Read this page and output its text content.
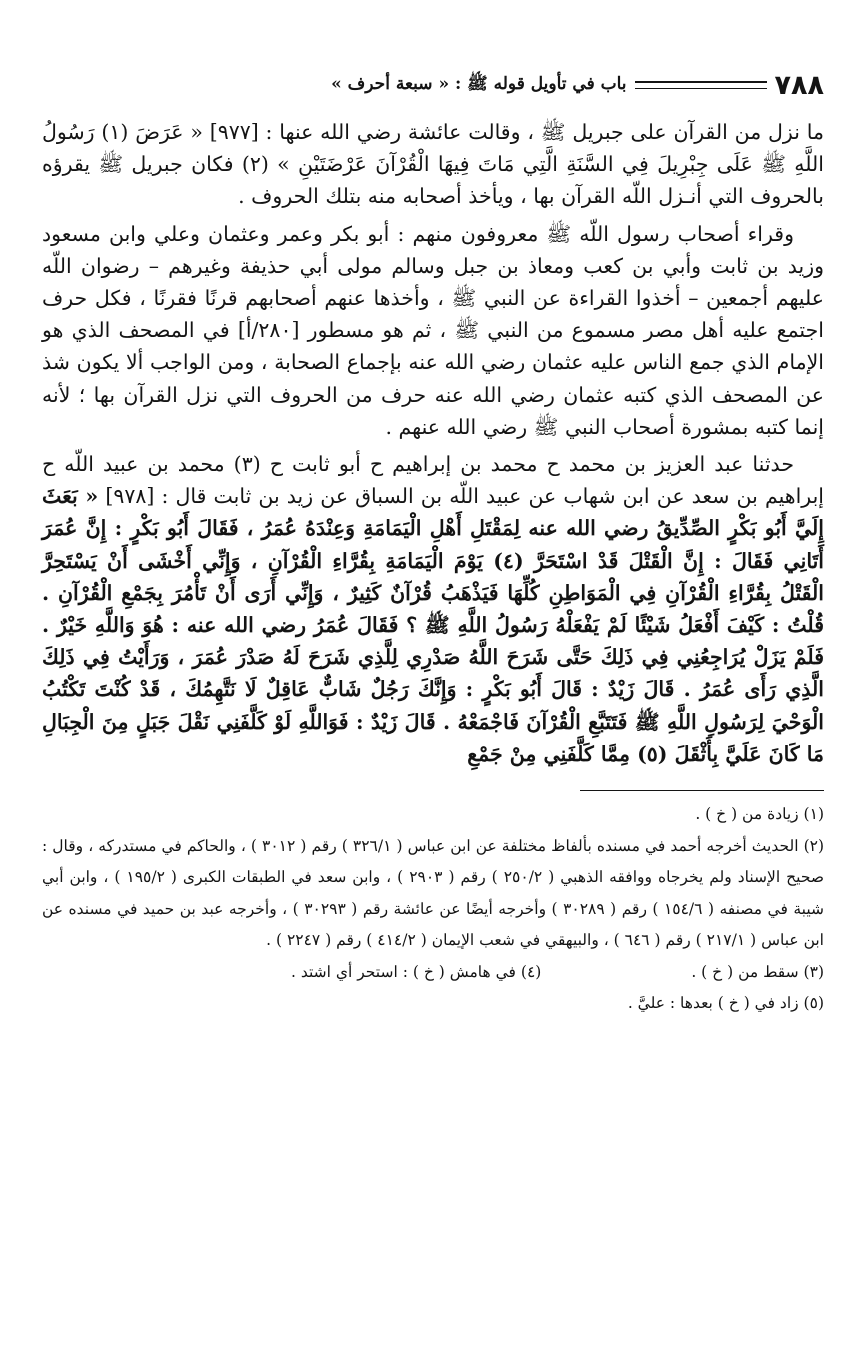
٧٨٨
باب في تأويل قوله ﷺ : « سبعة أحرف »

ما نزل من القرآن على جبريل ﷺ ، وقالت عائشة رضي الله عنها : [٩٧٧] « عَرَضَ (١) رَسُولُ اللَّهِ ﷺ عَلَى جِبْرِيلَ فِي السَّنَةِ الَّتِي مَاتَ فِيهَا الْقُرْآنَ عَرْضَتَيْنِ » (٢) فكان جبريل ﷺ يقرؤه بالحروف التي أنـزل اللّه القرآن بها ، ويأخذ أصحابه منه بتلك الحروف .

وقراء أصحاب رسول اللّه ﷺ معروفون منهم : أبو بكر وعمر وعثمان وعلي وابن مسعود وزيد بن ثابت وأبي بن كعب ومعاذ بن جبل وسالم مولى أبي حذيفة وغيرهم – رضوان اللّه عليهم أجمعين – أخذوا القراءة عن النبي ﷺ ، وأخذها عنهم أصحابهم قرنًا فقرنًا ، فكل حرف اجتمع عليه أهل مصر مسموع من النبي ﷺ ، ثم هو مسطور [٢٨٠/أ] في المصحف الذي هو الإمام الذي جمع الناس عليه عثمان رضي الله عنه بإجماع الصحابة ، ومن الواجب ألا يكون شذ عن المصحف الذي كتبه عثمان رضي الله عنه حرف من الحروف التي نزل القرآن بها ؛ لأنه إنما كتبه بمشورة أصحاب النبي ﷺ رضي الله عنهم .

حدثنا عبد العزيز بن محمد ح محمد بن إبراهيم ح أبو ثابت ح (٣) محمد بن عبيد اللّه ح إبراهيم بن سعد عن ابن شهاب عن عبيد اللّه بن السباق عن زيد بن ثابت قال : [٩٧٨] « بَعَثَ إِلَيَّ أَبُو بَكْرٍ الصِّدِّيقُ رضي الله عنه لِمَقْتَلِ أَهْلِ الْيَمَامَةِ وَعِنْدَهُ عُمَرُ ، فَقَالَ أَبُو بَكْرٍ : إِنَّ عُمَرَ أَتَانِي فَقَالَ : إِنَّ الْقَتْلَ قَدْ اسْتَحَرَّ (٤) يَوْمَ الْيَمَامَةِ بِقُرَّاءِ الْقُرْآنِ ، وَإِنِّي أَخْشَى أَنْ يَسْتَحِرَّ الْقَتْلُ بِقُرَّاءِ الْقُرْآنِ فِي الْمَوَاطِنِ كُلِّهَا فَيَذْهَبُ قُرْآنٌ كَثِيرٌ ، وَإِنِّي أَرَى أَنْ تَأْمُرَ بِجَمْعِ الْقُرْآنِ . قُلْتُ : كَيْفَ أَفْعَلُ شَيْئًا لَمْ يَفْعَلْهُ رَسُولُ اللَّهِ ﷺ ؟ فَقَالَ عُمَرُ رضي الله عنه : هُوَ وَاللَّهِ خَيْرٌ . فَلَمْ يَزَلْ يُرَاجِعُنِي فِي ذَلِكَ حَتَّى شَرَحَ اللَّهُ صَدْرِي لِلَّذِي شَرَحَ لَهُ صَدْرَ عُمَرَ ، وَرَأَيْتُ فِي ذَلِكَ الَّذِي رَأَى عُمَرُ . قَالَ زَيْدٌ : قَالَ أَبُو بَكْرٍ : وَإِنَّكَ رَجُلٌ شَابٌّ عَاقِلٌ لَا نَتَّهِمُكَ ، قَدْ كُنْتَ تَكْتُبُ الْوَحْيَ لِرَسُولِ اللَّهِ ﷺ فَتَتَبَّعِ الْقُرْآنَ فَاجْمَعْهُ . قَالَ زَيْدٌ : فَوَاللَّهِ لَوْ كَلَّفَنِي نَقْلَ جَبَلٍ مِنَ الْجِبَالِ مَا كَانَ عَلَيَّ بِأَثْقَلَ (٥) مِمَّا كَلَّفَنِي مِنْ جَمْعِ

(١) زيادة من ( خ ) .

(٢) الحديث أخرجه أحمد في مسنده بألفاظ مختلفة عن ابن عباس ( ٣٢٦/١ ) رقم ( ٣٠١٢ ) ، والحاكم في مستدركه ، وقال : صحيح الإسناد ولم يخرجاه ووافقه الذهبي ( ٢٥٠/٢ ) رقم ( ٢٩٠٣ ) ، وابن سعد في الطبقات الكبرى ( ١٩٥/٢ ) ، وابن أبي شيبة في مصنفه ( ١٥٤/٦ ) رقم ( ٣٠٢٨٩ ) وأخرجه أيضًا عن عائشة رقم ( ٣٠٢٩٣ ) ، وأخرجه عبد بن حميد في مسنده عن ابن عباس ( ٢١٧/١ ) رقم ( ٦٤٦ ) ، والبيهقي في شعب الإيمان ( ٤١٤/٢ ) رقم ( ٢٢٤٧ ) .

(٣) سقط من ( خ ) .
(٤) في هامش ( خ ) : استحر أي اشتد .

(٥) زاد في ( خ ) بعدها : عليَّ .
